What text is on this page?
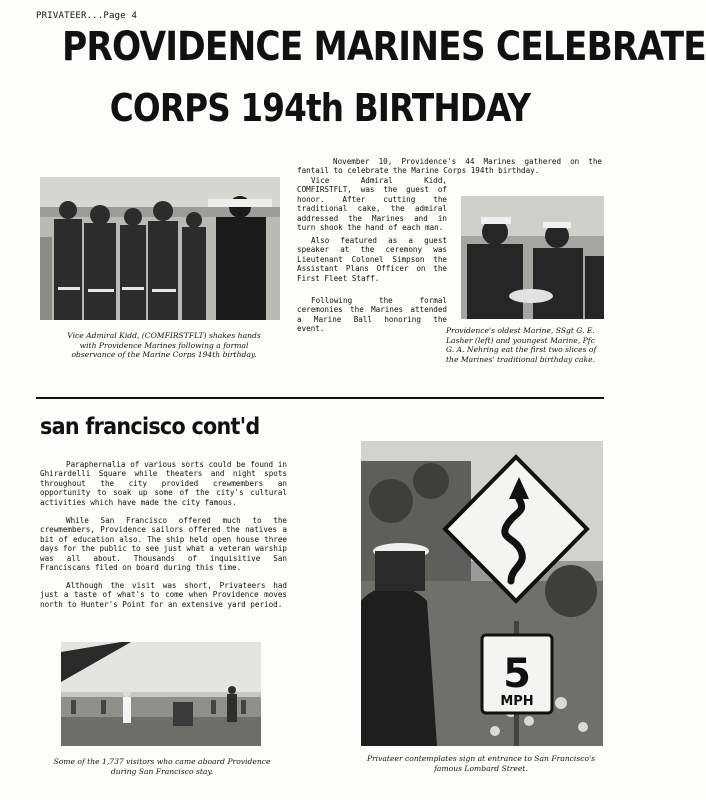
PRIVATEER...Page 4
PROVIDENCE MARINES CELEBRATE
CORPS 194th BIRTHDAY
Vice Admiral Kidd, (COMFIRSTFLT) shakes hands with Providence Marines following a formal observance of the Marine Corps 194th birthday.
November 10, Providence's 44 Marines gathered on the fantail to celebrate the Marine Corps 194th birthday.
Vice Admiral Kidd, COMFIRSTFLT, was the guest of honor. After cutting the traditional cake, the admiral addressed the Marines and in turn shook the hand of each man.
Also featured as a guest speaker at the ceremony was Lieutenant Colonel Simpson the Assistant Plans Officer on the First Fleet Staff.
Following the formal ceremonies the Marines attended a Marine Ball honoring the event.	Providence's oldest Marine, SSgt G. E. Lasher (left) and youngest Marine, Pfc G. A. Nehring eat the first two slices of the Marines' traditional birthday cake.
san francisco cont'd
Paraphernalia of various sorts could be found in Ghirardelli Square while theaters and night spots throughout the city provided crewmembers an opportunity to soak up some of the city's cultural activities which have made the city famous.
While San Francisco offered much to the crewmembers, Providence sailors offered the natives a bit of education also. The ship held open house three days for the public to see just what a veteran warship was all about. Thousands of inquisitive San Franciscans filed on board during this time.
Although the visit was short, Privateers had just a taste of what's to come when Providence moves north to Hunter's Point for an extensive yard period.
Some of the 1,737 visitors who came aboard Providence during San Francisco stay.
5
MPH
Privateer contemplates sign at entrance to San Francisco's famous Lombard Street.
